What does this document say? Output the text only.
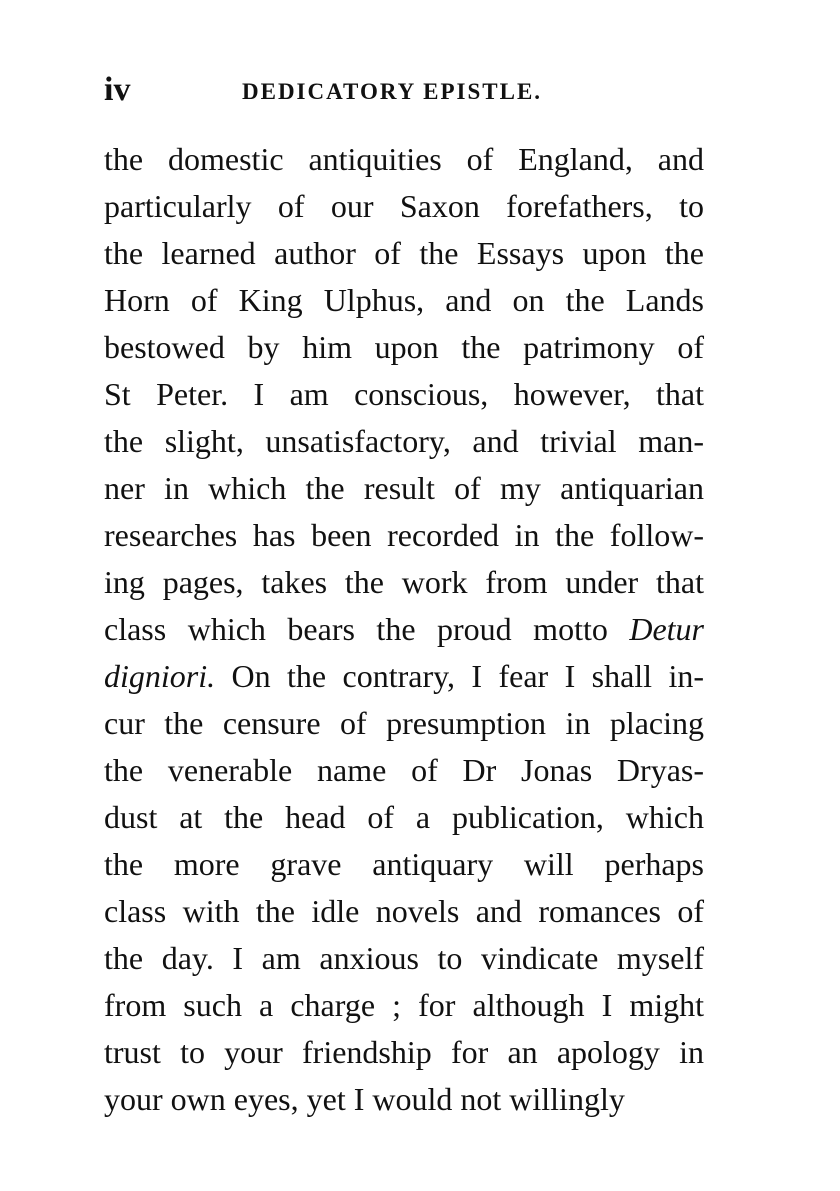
iv	DEDICATORY EPISTLE.
the domestic antiquities of England, and
particularly of our Saxon forefathers, to
the learned author of the Essays upon the
Horn of King Ulphus, and on the Lands
bestowed by him upon the patrimony of
St Peter. I am conscious, however, that
the slight, unsatisfactory, and trivial man-
ner in which the result of my antiquarian
researches has been recorded in the follow-
ing pages, takes the work from under that
class which bears the proud motto Detur
digniori. On the contrary, I fear I shall in-
cur the censure of presumption in placing
the venerable name of Dr Jonas Dryas-
dust at the head of a publication, which
the more grave antiquary will perhaps
class with the idle novels and romances of
the day. I am anxious to vindicate myself
from such a charge ; for although I might
trust to your friendship for an apology in
your own eyes, yet I would not willingly
